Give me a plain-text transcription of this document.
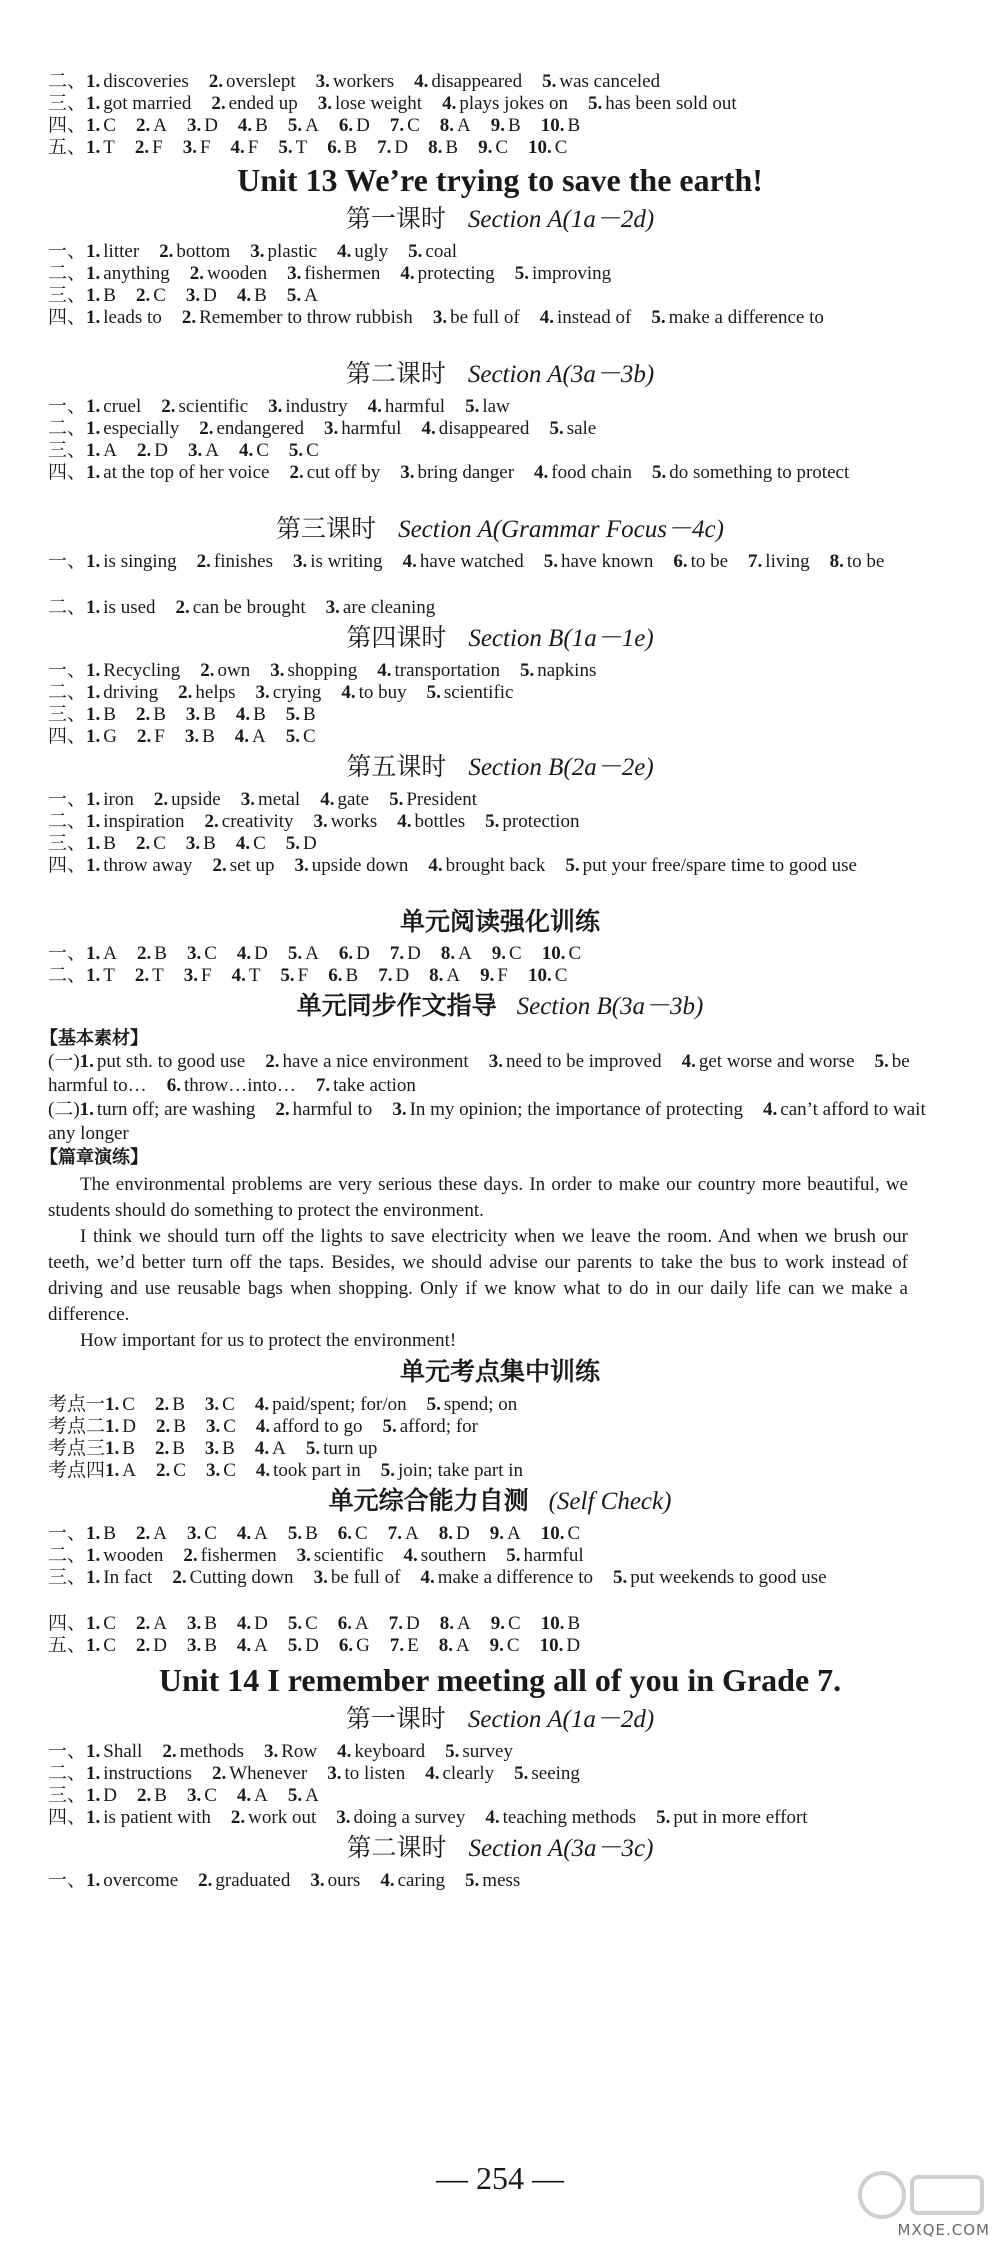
二、1. discoveries 2. overslept 3. workers 4. disappeared 5. was canceled
三、1. got married 2. ended up 3. lose weight 4. plays jokes on 5. has been sold out
四、1. C 2. A 3. D 4. B 5. A 6. D 7. C 8. A 9. B 10. B
五、1. T 2. F 3. F 4. F 5. T 6. B 7. D 8. B 9. C 10. C
Unit 13 We’re trying to save the earth!
第一课时 Section A(1a－2d)
一、1. litter 2. bottom 3. plastic 4. ugly 5. coal
二、1. anything 2. wooden 3. fishermen 4. protecting 5. improving
三、1. B 2. C 3. D 4. B 5. A
四、1. leads to 2. Remember to throw rubbish 3. be full of 4. instead of 5. make a difference to
第二课时 Section A(3a－3b)
一、1. cruel 2. scientific 3. industry 4. harmful 5. law
二、1. especially 2. endangered 3. harmful 4. disappeared 5. sale
三、1. A 2. D 3. A 4. C 5. C
四、1. at the top of her voice 2. cut off by 3. bring danger 4. food chain 5. do something to protect
第三课时 Section A(Grammar Focus－4c)
一、1. is singing 2. finishes 3. is writing 4. have watched 5. have known 6. to be 7. living 8. to be
二、1. is used 2. can be brought 3. are cleaning
第四课时 Section B(1a－1e)
一、1. Recycling 2. own 3. shopping 4. transportation 5. napkins
二、1. driving 2. helps 3. crying 4. to buy 5. scientific
三、1. B 2. B 3. B 4. B 5. B
四、1. G 2. F 3. B 4. A 5. C
第五课时 Section B(2a－2e)
一、1. iron 2. upside 3. metal 4. gate 5. President
二、1. inspiration 2. creativity 3. works 4. bottles 5. protection
三、1. B 2. C 3. B 4. C 5. D
四、1. throw away 2. set up 3. upside down 4. brought back 5. put your free/spare time to good use
单元阅读强化训练
一、1. A 2. B 3. C 4. D 5. A 6. D 7. D 8. A 9. C 10. C
二、1. T 2. T 3. F 4. T 5. F 6. B 7. D 8. A 9. F 10. C
单元同步作文指导 Section B(3a－3b)
【基本素材】
(一)1. put sth. to good use 2. have a nice environment 3. need to be improved 4. get worse and worse 5. be harmful to… 6. throw…into… 7. take action
(二)1. turn off; are washing 2. harmful to 3. In my opinion; the importance of protecting 4. can’t afford to wait any longer
【篇章演练】
The environmental problems are very serious these days. In order to make our country more beautiful, we students should do something to protect the environment.
I think we should turn off the lights to save electricity when we leave the room. And when we brush our teeth, we’d better turn off the taps. Besides, we should advise our parents to take the bus to work instead of driving and use reusable bags when shopping. Only if we know what to do in our daily life can we make a difference.
How important for us to protect the environment!
单元考点集中训练
考点一1. C 2. B 3. C 4. paid/spent; for/on 5. spend; on
考点二1. D 2. B 3. C 4. afford to go 5. afford; for
考点三1. B 2. B 3. B 4. A 5. turn up
考点四1. A 2. C 3. C 4. took part in 5. join; take part in
单元综合能力自测 (Self Check)
一、1. B 2. A 3. C 4. A 5. B 6. C 7. A 8. D 9. A 10. C
二、1. wooden 2. fishermen 3. scientific 4. southern 5. harmful
三、1. In fact 2. Cutting down 3. be full of 4. make a difference to 5. put weekends to good use
四、1. C 2. A 3. B 4. D 5. C 6. A 7. D 8. A 9. C 10. B
五、1. C 2. D 3. B 4. A 5. D 6. G 7. E 8. A 9. C 10. D
Unit 14 I remember meeting all of you in Grade 7.
第一课时 Section A(1a－2d)
一、1. Shall 2. methods 3. Row 4. keyboard 5. survey
二、1. instructions 2. Whenever 3. to listen 4. clearly 5. seeing
三、1. D 2. B 3. C 4. A 5. A
四、1. is patient with 2. work out 3. doing a survey 4. teaching methods 5. put in more effort
第二课时 Section A(3a－3c)
一、1. overcome 2. graduated 3. ours 4. caring 5. mess
— 254 —
MXQE.COM
